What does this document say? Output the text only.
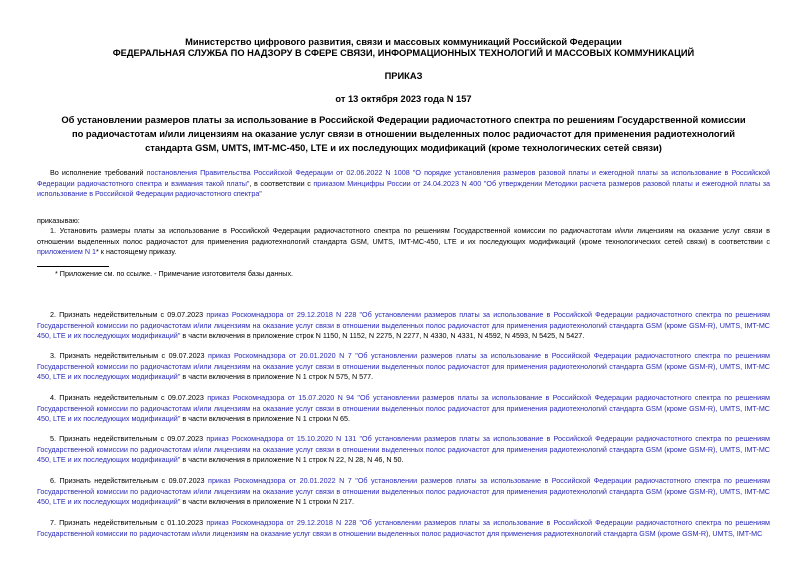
Министерство цифрового развития, связи и массовых коммуникаций Российской Федерации
ФЕДЕРАЛЬНАЯ СЛУЖБА ПО НАДЗОРУ В СФЕРЕ СВЯЗИ, ИНФОРМАЦИОННЫХ ТЕХНОЛОГИЙ И МАССОВЫХ КОММУНИКАЦИЙ
ПРИКАЗ
от 13 октября 2023 года N 157
Об установлении размеров платы за использование в Российской Федерации радиочастотного спектра по решениям Государственной комиссии по радиочастотам и/или лицензиям на оказание услуг связи в отношении выделенных полос радиочастот для применения радиотехнологий стандарта GSM, UMTS, IMT-MC-450, LTE и их последующих модификаций (кроме технологических сетей связи)
Во исполнение требований постановления Правительства Российской Федерации от 02.06.2022 N 1008 "О порядке установления размеров разовой платы и ежегодной платы за использование в Российской Федерации радиочастотного спектра и взимания такой платы", в соответствии с приказом Минцифры России от 24.04.2023 N 400 "Об утверждении Методики расчета размеров разовой платы и ежегодной платы за использование в Российской Федерации радиочастотного спектра"
приказываю:
1. Установить размеры платы за использование в Российской Федерации радиочастотного спектра по решениям Государственной комиссии по радиочастотам и/или лицензиям на оказание услуг связи в отношении выделенных полос радиочастот для применения радиотехнологий стандарта GSM, UMTS, IMT-MC-450, LTE и их последующих модификаций (кроме технологических сетей связи) в соответствии с приложением N 1* к настоящему приказу.
* Приложение см. по ссылке. - Примечание изготовителя базы данных.
2. Признать недействительным с 09.07.2023 приказ Роскомнадзора от 29.12.2018 N 228 "Об установлении размеров платы за использование в Российской Федерации радиочастотного спектра по решениям Государственной комиссии по радиочастотам и/или лицензиям на оказание услуг связи в отношении выделенных полос радиочастот для применения радиотехнологий стандарта GSM (кроме GSM-R), UMTS, IMT-MC 450, LTE и их последующих модификаций" в части включения в приложение строк N 1150, N 1152, N 2275, N 2277, N 4330, N 4331, N 4592, N 4593, N 5425, N 5427.
3. Признать недействительным с 09.07.2023 приказ Роскомнадзора от 20.01.2020 N 7 "Об установлении размеров платы за использование в Российской Федерации радиочастотного спектра по решениям Государственной комиссии по радиочастотам и/или лицензиям на оказание услуг связи в отношении выделенных полос радиочастот для применения радиотехнологий стандарта GSM (кроме GSM-R), UMTS, IMT-MC 450, LTE и их последующих модификаций" в части включения в приложение N 1 строк N 575, N 577.
4. Признать недействительным с 09.07.2023 приказ Роскомнадзора от 15.07.2020 N 94 "Об установлении размеров платы за использование в Российской Федерации радиочастотного спектра по решениям Государственной комиссии по радиочастотам и/или лицензиям на оказание услуг связи в отношении выделенных полос радиочастот для применения радиотехнологий стандарта GSM (кроме GSM-R), UMTS, IMT-MC 450, LTE и их последующих модификаций" в части включения в приложение N 1 строки N 65.
5. Признать недействительным с 09.07.2023 приказ Роскомнадзора от 15.10.2020 N 131 "Об установлении размеров платы за использование в Российской Федерации радиочастотного спектра по решениям Государственной комиссии по радиочастотам и/или лицензиям на оказание услуг связи в отношении выделенных полос радиочастот для применения радиотехнологий стандарта GSM (кроме GSM-R), UMTS, IMT-MC 450, LTE и их последующих модификаций" в части включения в приложение N 1 строк N 22, N 28, N 46, N 50.
6. Признать недействительным с 09.07.2023 приказ Роскомнадзора от 20.01.2022 N 7 "Об установлении размеров платы за использование в Российской Федерации радиочастотного спектра по решениям Государственной комиссии по радиочастотам и/или лицензиям на оказание услуг связи в отношении выделенных полос радиочастот для применения радиотехнологий стандарта GSM (кроме GSM-R), UMTS, IMT-MC 450, LTE и их последующих модификаций" в части включения в приложение N 1 строки N 217.
7. Признать недействительным с 01.10.2023 приказ Роскомнадзора от 29.12.2018 N 228 "Об установлении размеров платы за использование в Российской Федерации радиочастотного спектра по решениям Государственной комиссии по радиочастотам и/или лицензиям на оказание услуг связи в отношении выделенных полос радиочастот для применения радиотехнологий стандарта GSM (кроме GSM-R), UMTS, IMT-MC
